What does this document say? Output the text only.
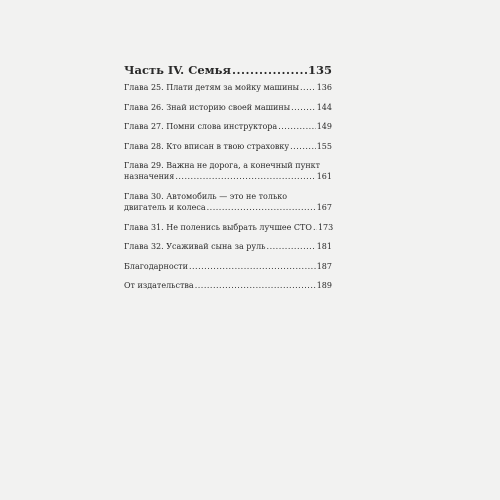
Часть IV. Семья .....	135
Глава 25. Плати детям за мойку машины ..... 136
Глава 26. Знай историю своей машины .....	144
Глава 27. Помни слова инструктора .....	149
Глава 28. Кто вписан в твою страховку .....	155
Глава 29. Важна не дорога, а конечный пункт
назначения .....	161
Глава 30. Автомобиль — это не только
двигатель и колеса .....	167
Глава 31. Не поленись выбрать лучшее СТО ..... 173
Глава 32. Усаживай сына за руль .....	181
Благодарности .....	187
От издательства .....	189
